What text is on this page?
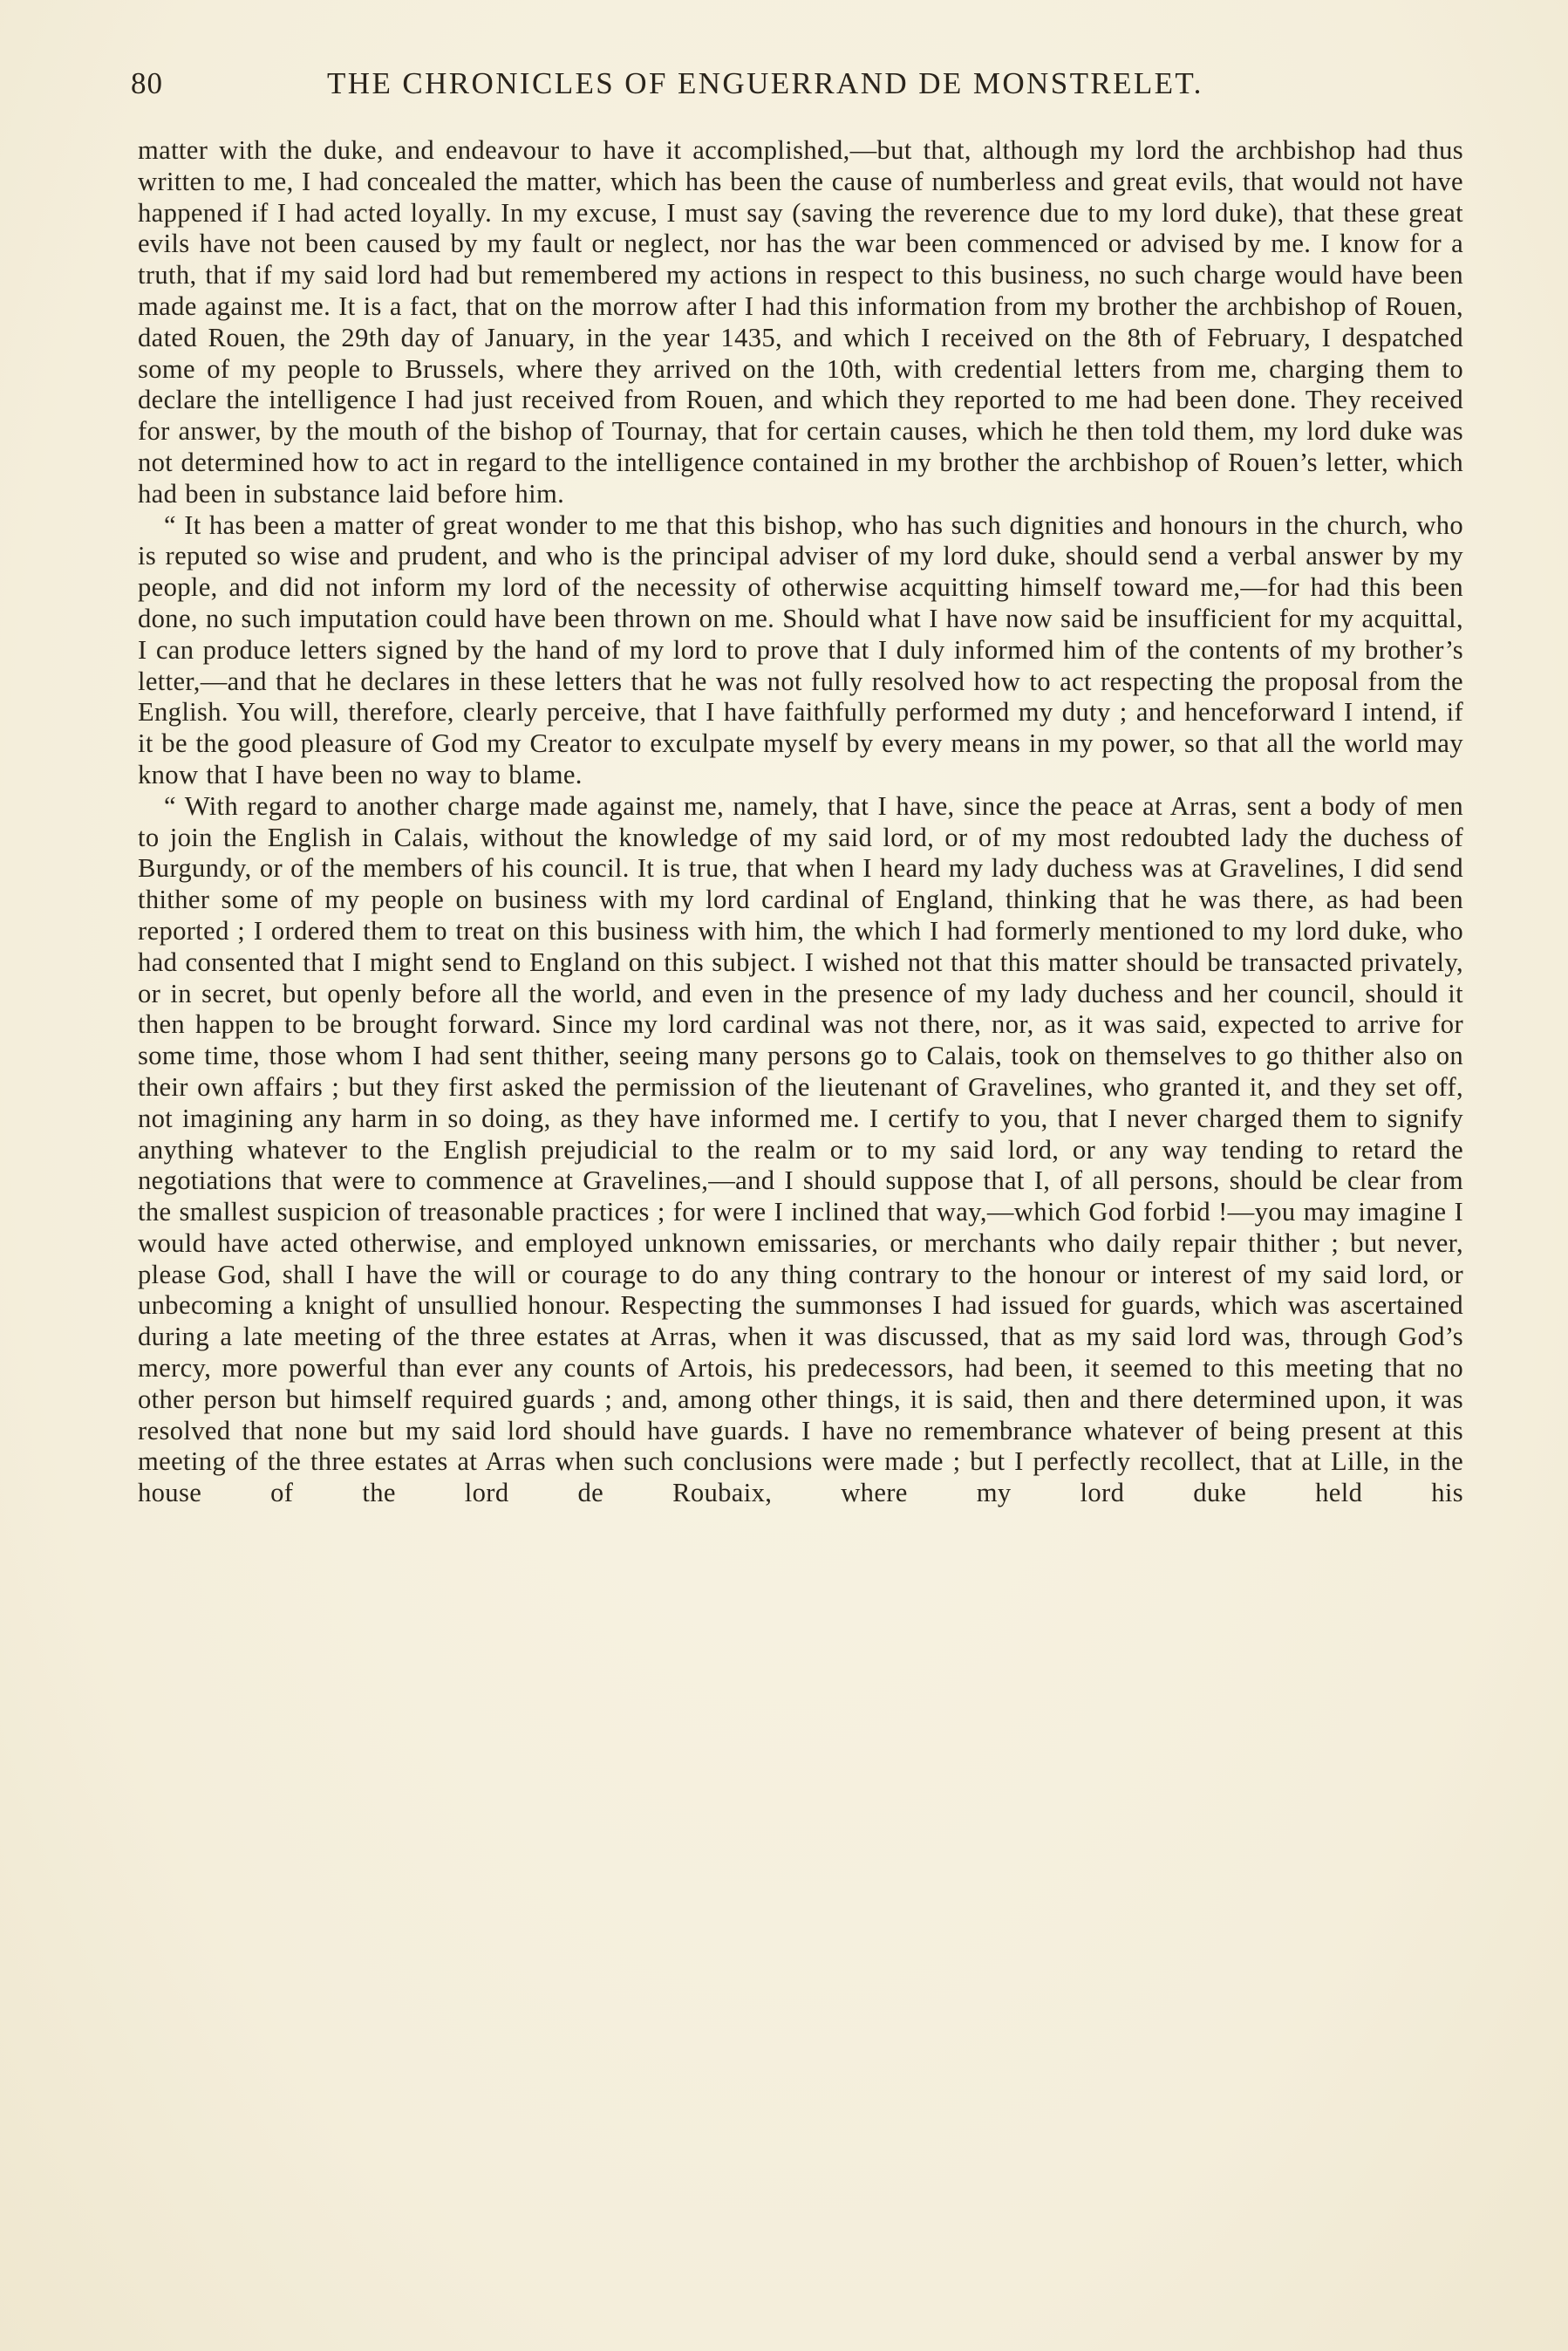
80	THE CHRONICLES OF ENGUERRAND DE MONSTRELET.

matter with the duke, and endeavour to have it accomplished,—but that, although my lord the archbishop had thus written to me, I had concealed the matter, which has been the cause of numberless and great evils, that would not have happened if I had acted loyally. In my excuse, I must say (saving the reverence due to my lord duke), that these great evils have not been caused by my fault or neglect, nor has the war been commenced or advised by me. I know for a truth, that if my said lord had but remembered my actions in respect to this business, no such charge would have been made against me. It is a fact, that on the morrow after I had this information from my brother the archbishop of Rouen, dated Rouen, the 29th day of January, in the year 1435, and which I received on the 8th of February, I despatched some of my people to Brussels, where they arrived on the 10th, with credential letters from me, charging them to declare the intelligence I had just received from Rouen, and which they reported to me had been done. They received for answer, by the mouth of the bishop of Tournay, that for certain causes, which he then told them, my lord duke was not determined how to act in regard to the intelligence contained in my brother the archbishop of Rouen’s letter, which had been in substance laid before him.

“ It has been a matter of great wonder to me that this bishop, who has such dignities and honours in the church, who is reputed so wise and prudent, and who is the principal adviser of my lord duke, should send a verbal answer by my people, and did not inform my lord of the necessity of otherwise acquitting himself toward me,—for had this been done, no such imputation could have been thrown on me. Should what I have now said be insufficient for my acquittal, I can produce letters signed by the hand of my lord to prove that I duly informed him of the contents of my brother’s letter,—and that he declares in these letters that he was not fully resolved how to act respecting the proposal from the English. You will, therefore, clearly perceive, that I have faithfully performed my duty ; and henceforward I intend, if it be the good pleasure of God my Creator to exculpate myself by every means in my power, so that all the world may know that I have been no way to blame.

“ With regard to another charge made against me, namely, that I have, since the peace at Arras, sent a body of men to join the English in Calais, without the knowledge of my said lord, or of my most redoubted lady the duchess of Burgundy, or of the members of his council. It is true, that when I heard my lady duchess was at Gravelines, I did send thither some of my people on business with my lord cardinal of England, thinking that he was there, as had been reported ; I ordered them to treat on this business with him, the which I had formerly mentioned to my lord duke, who had consented that I might send to England on this subject. I wished not that this matter should be transacted privately, or in secret, but openly before all the world, and even in the presence of my lady duchess and her council, should it then happen to be brought forward. Since my lord cardinal was not there, nor, as it was said, expected to arrive for some time, those whom I had sent thither, seeing many persons go to Calais, took on themselves to go thither also on their own affairs ; but they first asked the permission of the lieutenant of Gravelines, who granted it, and they set off, not imagining any harm in so doing, as they have informed me. I certify to you, that I never charged them to signify anything whatever to the English prejudicial to the realm or to my said lord, or any way tending to retard the negotiations that were to commence at Gravelines,—and I should suppose that I, of all persons, should be clear from the smallest suspicion of treasonable practices ; for were I inclined that way,—which God forbid !—you may imagine I would have acted otherwise, and employed unknown emissaries, or merchants who daily repair thither ; but never, please God, shall I have the will or courage to do any thing contrary to the honour or interest of my said lord, or unbecoming a knight of unsullied honour. Respecting the summonses I had issued for guards, which was ascertained during a late meeting of the three estates at Arras, when it was discussed, that as my said lord was, through God’s mercy, more powerful than ever any counts of Artois, his predecessors, had been, it seemed to this meeting that no other person but himself required guards ; and, among other things, it is said, then and there determined upon, it was resolved that none but my said lord should have guards. I have no remembrance whatever of being present at this meeting of the three estates at Arras when such conclusions were made ; but I perfectly recollect, that at Lille, in the house of the lord de Roubaix, where my lord duke held his
